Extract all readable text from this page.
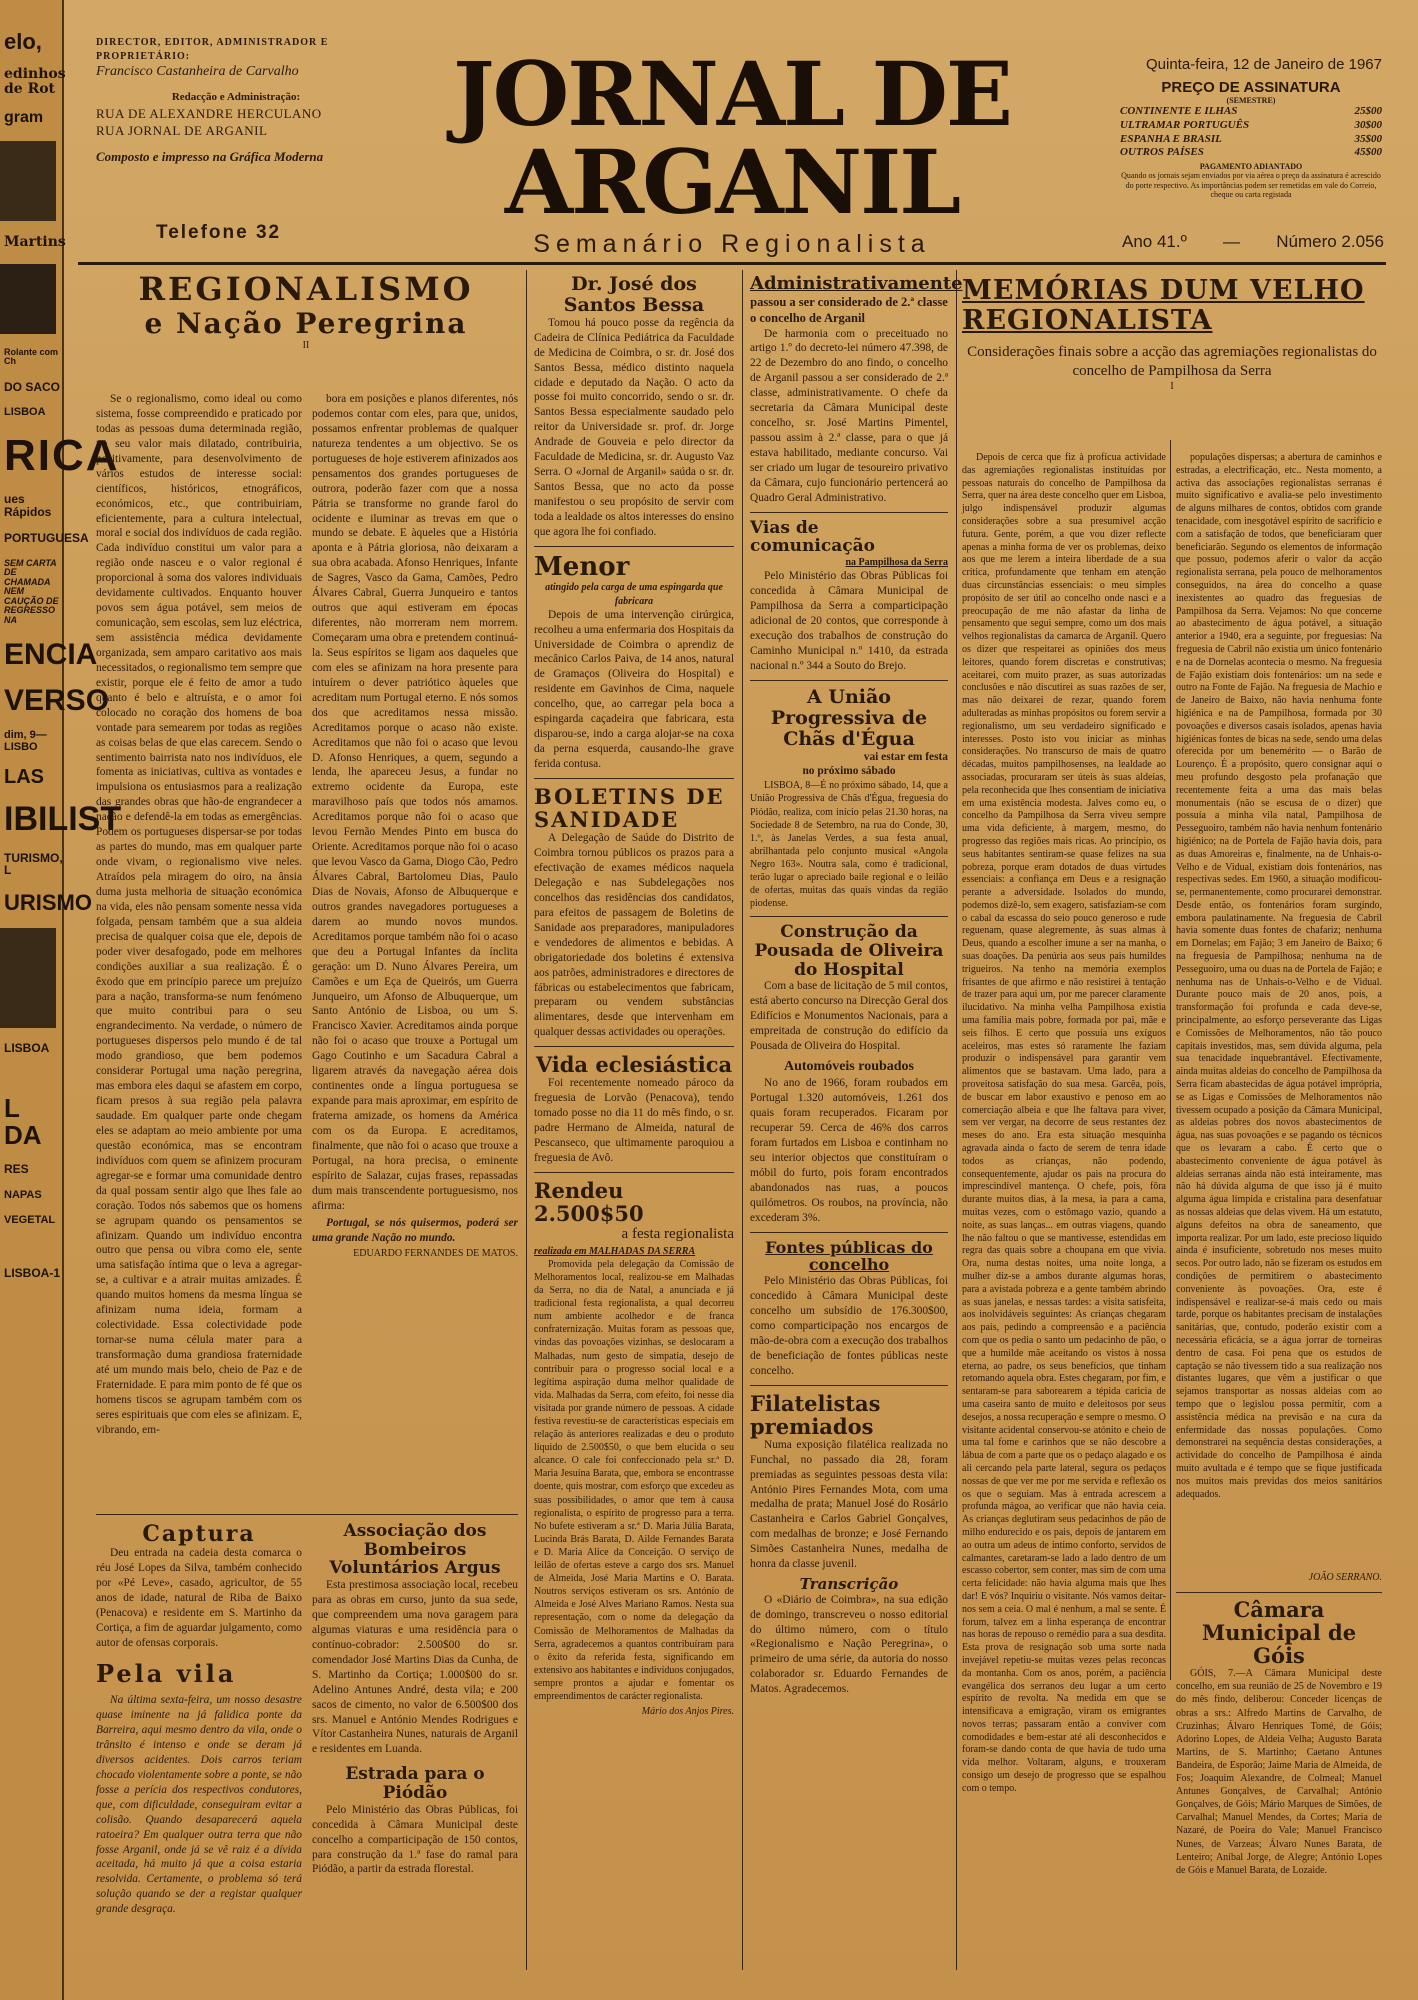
elo,

edinhos de Rot

gram

Martins

Rolante com Ch

DO SACO

LISBOA

RICA

ues Rápidos

PORTUGUESA

SEM CARTA DE CHAMADA NEM CAUÇÃO DE REGRESSO NA

ENCIA

VERSO

dim, 9—LISBO

LAS

IBILIST

TURISMO, L

URISMO

LISBOA

L DA

RES

NAPAS

VEGETAL

LISBOA-1

DIRECTOR, EDITOR, ADMINISTRADOR E PROPRIETÁRIO:
Francisco Castanheira de Carvalho
Redacção e Administração:
RUA DE ALEXANDRE HERCULANO
RUA JORNAL DE ARGANIL
Composto e impresso na Gráfica Moderna
Telefone 32
JORNAL DE ARGANIL
Semanário Regionalista
Quinta-feira, 12 de Janeiro de 1967
PREÇO DE ASSINATURA
(SEMESTRE)
CONTINENTE E ILHAS	25$00
ULTRAMAR PORTUGUÊS	30$00
ESPANHA E BRASIL	35$00
OUTROS PAÍSES	45$00
PAGAMENTO ADIANTADO
Quando os jornais sejam enviados por via aérea o preço da assinatura é acrescido do porte respectivo. As importâncias podem ser remetidas em vale do Correio, cheque ou carta registada
Ano 41.º — Número 2.056
REGIONALISMO
e Nação Peregrina
II

Se o regionalismo, como ideal ou como sistema, fosse compreendido e praticado por todas as pessoas duma determinada região, no seu valor mais dilatado, contribuiria, positivamente, para desenvolvimento de vários estudos de interesse social: científicos, históricos, etnográficos, económicos, etc., que contribuiriam, eficientemente, para a cultura intelectual, moral e social dos indivíduos de cada região. Cada indivíduo constitui um valor para a região onde nasceu e o valor regional é proporcional à soma dos valores individuais devidamente cultivados. Enquanto houver povos sem água potável, sem meios de comunicação, sem escolas, sem luz eléctrica, sem assistência médica devidamente organizada, sem amparo caritativo aos mais necessitados, o regionalismo tem sempre que existir, porque ele é feito de amor a tudo quanto é belo e altruísta, e o amor foi colocado no coração dos homens de boa vontade para semearem por todas as regiões as coisas belas de que elas carecem. Sendo o sentimento bairrista nato nos indivíduos, ele fomenta as iniciativas, cultiva as vontades e impulsiona os entusiasmos para a realização das grandes obras que hão-de engrandecer a nação e defendê-la em todas as emergências. Podem os portugueses dispersar-se por todas as partes do mundo, mas em qualquer parte onde vivam, o regionalismo vive neles. Atraídos pela miragem do oiro, na ânsia duma justa melhoria de situação económica na vida, eles não pensam somente nessa vida folgada, pensam também que a sua aldeia precisa de qualquer coisa que ele, depois de poder viver desafogado, pode em melhores condições auxiliar a sua realização. É o êxodo que em princípio parece um prejuízo para a nação, transforma-se num fenómeno que muito contribui para o seu engrandecimento. Na verdade, o número de portugueses dispersos pelo mundo é de tal modo grandioso, que bem podemos considerar Portugal uma nação peregrina, mas embora eles daqui se afastem em corpo, ficam presos à sua região pela palavra saudade. Em qualquer parte onde chegam eles se adaptam ao meio ambiente por uma questão económica, mas se encontram indivíduos com quem se afinizem procuram agregar-se e formar uma comunidade dentro da qual possam sentir algo que lhes fale ao coração. Todos nós sabemos que os homens se agrupam quando os pensamentos se afinizam. Quando um indivíduo encontra outro que pensa ou vibra como ele, sente uma satisfação íntima que o leva a agregar-se, a cultivar e a atrair muitas amizades. É quando muitos homens da mesma língua se afinizam numa ideia, formam a colectividade. Essa colectividade pode tornar-se numa célula mater para a transformação duma grandiosa fraternidade até um mundo mais belo, cheio de Paz e de Fraternidade. E para mim ponto de fé que os homens tiscos se agrupam também com os seres espirituais que com eles se afinizam. E, vibrando, em-

bora em posições e planos diferentes, nós podemos contar com eles, para que, unidos, possamos enfrentar problemas de qualquer natureza tendentes a um objectivo. Se os portugueses de hoje estiverem afinizados aos pensamentos dos grandes portugueses de outrora, poderão fazer com que a nossa Pátria se transforme no grande farol do ocidente e iluminar as trevas em que o mundo se debate. E àqueles que a História aponta e à Pátria gloriosa, não deixaram a sua obra acabada. Afonso Henriques, Infante de Sagres, Vasco da Gama, Camões, Pedro Álvares Cabral, Guerra Junqueiro e tantos outros que aqui estiveram em épocas diferentes, não morreram nem morrem. Começaram uma obra e pretendem continuá-la. Seus espíritos se ligam aos daqueles que com eles se afinizam na hora presente para intuírem o dever patriótico àqueles que acreditam num Portugal eterno. E nós somos dos que acreditamos nessa missão. Acreditamos porque o acaso não existe. Acreditamos que não foi o acaso que levou D. Afonso Henriques, a quem, segundo a lenda, lhe apareceu Jesus, a fundar no extremo ocidente da Europa, este maravilhoso país que todos nós amamos. Acreditamos porque não foi o acaso que levou Fernão Mendes Pinto em busca do Oriente. Acreditamos porque não foi o acaso que levou Vasco da Gama, Diogo Cão, Pedro Álvares Cabral, Bartolomeu Dias, Paulo Dias de Novais, Afonso de Albuquerque e outros grandes navegadores portugueses a darem ao mundo novos mundos. Acreditamos porque também não foi o acaso que deu a Portugal Infantes da ínclita geração: um D. Nuno Álvares Pereira, um Camões e um Eça de Queirós, um Guerra Junqueiro, um Afonso de Albuquerque, um Santo António de Lisboa, ou um S. Francisco Xavier. Acreditamos ainda porque não foi o acaso que trouxe a Portugal um Gago Coutinho e um Sacadura Cabral a ligarem através da navegação aérea dois continentes onde a língua portuguesa se expande para mais aproximar, em espírito de fraterna amizade, os homens da América com os da Europa. E acreditamos, finalmente, que não foi o acaso que trouxe a Portugal, na hora precisa, o eminente espírito de Salazar, cujas frases, repassadas dum mais transcendente portuguesismo, nos afirma:

Portugal, se nós quisermos, poderá ser uma grande Nação no mundo.

EDUARDO FERNANDES DE MATOS.
Captura

Deu entrada na cadeia desta comarca o réu José Lopes da Silva, também conhecido por «Pé Leve», casado, agricultor, de 55 anos de idade, natural de Riba de Baixo (Penacova) e residente em S. Martinho da Cortiça, a fim de aguardar julgamento, como autor de ofensas corporais.

Pela vila

Na última sexta-feira, um nosso desastre quase iminente na já falidica ponte da Barreira, aqui mesmo dentro da vila, onde o trânsito é intenso e onde se deram já diversos acidentes. Dois carros teriam chocado violentamente sobre a ponte, se não fosse a perícia dos respectivos condutores, que, com dificuldade, conseguiram evitar a colisão. Quando desaparecerá aquela ratoeira? Em qualquer outra terra que não fosse Arganil, onde já se vê raiz é a dívida aceitada, há muito já que a coisa estaria resolvida. Certamente, o problema só terá solução quando se der a registar qualquer grande desgraça.

Associação dos Bombeiros Voluntários Argus

Esta prestimosa associação local, recebeu para as obras em curso, junto da sua sede, que compreendem uma nova garagem para algumas viaturas e uma residência para o contínuo-cobrador: 2.500$00 do sr. comendador José Martins Dias da Cunha, de S. Martinho da Cortiça; 1.000$00 do sr. Adelino Antunes André, desta vila; e 200 sacos de cimento, no valor de 6.500$00 dos srs. Manuel e António Mendes Rodrigues e Vítor Castanheira Nunes, naturais de Arganil e residentes em Luanda.

Estrada para o Piódão

Pelo Ministério das Obras Públicas, foi concedida à Câmara Municipal deste concelho a comparticipação de 150 contos, para construção da 1.ª fase do ramal para Piódão, a partir da estrada florestal.

Dr. José dos Santos Bessa

Tomou há pouco posse da regência da Cadeira de Clínica Pediátrica da Faculdade de Medicina de Coimbra, o sr. dr. José dos Santos Bessa, médico distinto naquela cidade e deputado da Nação. O acto da posse foi muito concorrido, sendo o sr. dr. Santos Bessa especialmente saudado pelo reitor da Universidade sr. prof. dr. Jorge Andrade de Gouveia e pelo director da Faculdade de Medicina, sr. dr. Augusto Vaz Serra. O «Jornal de Arganil» saúda o sr. dr. Santos Bessa, que no acto da posse manifestou o seu propósito de servir com toda a lealdade os altos interesses do ensino que agora lhe foi confiado.

Menor
atingido pela carga de uma espingarda que fabricara

Depois de uma intervenção cirúrgica, recolheu a uma enfermaria dos Hospitais da Universidade de Coimbra o aprendiz de mecânico Carlos Paiva, de 14 anos, natural de Gramaços (Oliveira do Hospital) e residente em Gavinhos de Cima, naquele concelho, que, ao carregar pela boca a espingarda caçadeira que fabricara, esta disparou-se, indo a carga alojar-se na coxa da perna esquerda, causando-lhe grave ferida contusa.

BOLETINS DE SANIDADE

A Delegação de Saúde do Distrito de Coimbra tornou públicos os prazos para a efectivação de exames médicos naquela Delegação e nas Subdelegações nos concelhos das residências dos candidatos, para efeitos de passagem de Boletins de Sanidade aos preparadores, manipuladores e vendedores de alimentos e bebidas. A obrigatoriedade dos boletins é extensiva aos patrões, administradores e directores de fábricas ou estabelecimentos que fabricam, preparam ou vendem substâncias alimentares, desde que intervenham em qualquer dessas actividades ou operações.

Vida eclesiástica

Foi recentemente nomeado pároco da freguesia de Lorvão (Penacova), tendo tomado posse no dia 11 do mês findo, o sr. padre Hermano de Almeida, natural de Pescanseco, que ultimamente paroquiou a freguesia de Avô.

Rendeu 2.500$50
a festa regionalista
realizada em MALHADAS DA SERRA

Promovida pela delegação da Comissão de Melhoramentos local, realizou-se em Malhadas da Serra, no dia de Natal, a anunciada e já tradicional festa regionalista, a qual decorreu num ambiente acolhedor e de franca confraternização. Muitas foram as pessoas que, vindas das povoações vizinhas, se deslocaram a Malhadas, num gesto de simpatia, desejo de contribuir para o progresso social local e a legítima aspiração duma melhor qualidade de vida. Malhadas da Serra, com efeito, foi nesse dia visitada por grande número de pessoas. A cidade festiva revestiu-se de características especiais em relação às anteriores realizadas e deu o produto líquido de 2.500$50, o que bem elucida o seu alcance. O cale foi confeccionado pela sr.ª D. Maria Jesuína Barata, que, embora se encontrasse doente, quis mostrar, com esforço que excedeu as suas possibilidades, o amor que tem à causa regionalista, o espírito de progresso para a terra. No bufete estiveram a sr.ª D. Maria Júlia Barata, Lucinda Brás Barata, D. Ailde Fernandes Barata e D. Maria Alice da Conceição. O serviço de leilão de ofertas esteve a cargo dos srs. Manuel de Almeida, José Maria Martins e O. Barata. Noutros serviços estiveram os srs. António de Almeida e José Alves Mariano Ramos. Nesta sua representação, com o nome da delegação da Comissão de Melhoramentos de Malhadas da Serra, agradecemos a quantos contribuíram para o êxito da referida festa, significando em extensivo aos habitantes e indivíduos conjugados, sempre prontos a ajudar e fomentar os empreendimentos de carácter regionalista.

Mário dos Anjos Pires.
Administrativamente
passou a ser considerado de 2.ª classe
o concelho de Arganil

De harmonia com o preceituado no artigo 1.º do decreto-lei número 47.398, de 22 de Dezembro do ano findo, o concelho de Arganil passou a ser considerado de 2.ª classe, administrativamente. O chefe da secretaria da Câmara Municipal deste concelho, sr. José Martins Pimentel, passou assim à 2.ª classe, para o que já estava habilitado, mediante concurso. Vai ser criado um lugar de tesoureiro privativo da Câmara, cujo funcionário pertencerá ao Quadro Geral Administrativo.

Vias de comunicação
na Pampilhosa da Serra

Pelo Ministério das Obras Públicas foi concedida à Câmara Municipal de Pampilhosa da Serra a comparticipação adicional de 20 contos, que corresponde à execução dos trabalhos de construção do Caminho Municipal n.º 1410, da estrada nacional n.º 344 a Souto do Brejo.

A União Progressiva de Chãs d'Égua
vai estar em festa
no próximo sábado

LISBOA, 8—É no próximo sábado, 14, que a União Progressiva de Chãs d'Égua, freguesia do Piódão, realiza, com início pelas 21.30 horas, na Sociedade 8 de Setembro, na rua do Conde, 30, 1.º, às Janelas Verdes, a sua festa anual, abrilhantada pelo conjunto musical «Angola Negro 163». Noutra sala, como é tradicional, terão lugar o apreciado baile regional e o leilão de ofertas, muitas das quais vindas da região piodense.

Construção da Pousada de Oliveira do Hospital

Com a base de licitação de 5 mil contos, está aberto concurso na Direcção Geral dos Edifícios e Monumentos Nacionais, para a empreitada de construção do edifício da Pousada de Oliveira do Hospital.

Automóveis roubados

No ano de 1966, foram roubados em Portugal 1.320 automóveis, 1.261 dos quais foram recuperados. Ficaram por recuperar 59. Cerca de 46% dos carros foram furtados em Lisboa e continham no seu interior objectos que constituíram o móbil do furto, pois foram encontrados abandonados nas ruas, a poucos quilómetros. Os roubos, na província, não excederam 3%.

Fontes públicas do concelho

Pelo Ministério das Obras Públicas, foi concedido à Câmara Municipal deste concelho um subsídio de 176.300$00, como comparticipação nos encargos de mão-de-obra com a execução dos trabalhos de beneficiação de fontes públicas neste concelho.

Filatelistas premiados

Numa exposição filatélica realizada no Funchal, no passado dia 28, foram premiadas as seguintes pessoas desta vila: António Pires Fernandes Mota, com uma medalha de prata; Manuel José do Rosário Castanheira e Carlos Gabriel Gonçalves, com medalhas de bronze; e José Fernando Simões Castanheira Nunes, medalha de honra da classe juvenil.

Transcrição

O «Diário de Coimbra», na sua edição de domingo, transcreveu o nosso editorial do último número, com o título «Regionalismo e Nação Peregrina», o primeiro de uma série, da autoria do nosso colaborador sr. Eduardo Fernandes de Matos. Agradecemos.

MEMÓRIAS DUM VELHO REGIONALISTA
Considerações finais sobre a acção das agremiações regionalistas do concelho de Pampilhosa da Serra
I

Depois de cerca que fiz à profícua actividade das agremiações regionalistas instituídas por pessoas naturais do concelho de Pampilhosa da Serra, quer na área deste concelho quer em Lisboa, julgo indispensável produzir algumas considerações sobre a sua presumível acção futura. Gente, porém, a que vou dizer reflecte apenas a minha forma de ver os problemas, deixo aos que me lerem a inteira liberdade de a sua crítica, profundamente que tenham em atenção duas circunstâncias essenciais: o meu simples propósito de ser útil ao concelho onde nasci e a preocupação de me não afastar da linha de pensamento que segui sempre, como um dos mais velhos regionalistas da camarca de Arganil. Quero os dizer que respeitarei as opiniões dos meus leitores, quando forem discretas e construtivas; aceitarei, com muito prazer, as suas autorizadas conclusões e não discutirei as suas razões de ser, mas não deixarei de rezar, quando forem adulteradas as minhas propósitos ou forem servir a regionalismo, um seu verdadeiro significado e interesses. Posto isto vou iniciar as minhas considerações. No transcurso de mais de quatro décadas, muitos pampilhosenses, na lealdade ao associadas, procuraram ser úteis às suas aldeias, pela reconhecida que lhes consentiam de iniciativa em uma existência modesta. Jalves como eu, o concelho da Pampilhosa da Serra viveu sempre uma vida deficiente, à margem, mesmo, do progresso das regiões mais ricas. Ao princípio, os seus habitantes sentiram-se quase felizes na sua pobreza, porque eram dotados de duas virtudes essenciais: a confiança em Deus e a resignação perante a adversidade. Isolados do mundo, podemos dizê-lo, sem exagero, satisfaziam-se com o cabal da escassa do seio pouco generoso e rude reguenam, quase alegremente, às suas almas à Deus, quando a escolher imune a ser na manha, o suas doações. Da penúria aos seus pais humildes trigueiros. Na tenho na memória exemplos frisantes de que afirmo e não resistirei à tentação de trazer para aqui um, por me parecer claramente ilucidativo. Na minha velha Pampilhosa existia uma família mais pobre, formada por pai, mãe e seis filhos. E certo que possuía uns exíguos aceleiros, mas estes só raramente lhe faziam produzir o indispensável para garantir vem alimentos que se bastavam. Uma lado, para a proveitosa satisfação do sua mesa. Garcêa, pois, de buscar em labor exaustivo e penoso em ao comerciação albeia e que lhe faltava para viver, sem ver vergar, na decorre de seus restantes dez meses do ano. Era esta situação mesquinha agravada ainda o facto de serem de tenra idade todos as crianças, não podendo, consequentemente, ajudar os pais na procura do imprescindível mantença. O chefe, pois, fôra durante muitos dias, à la mesa, ia para a cama, muitas vezes, com o estômago vazio, quando a noite, as suas lanças... em outras viagens, quando lhe não faltou o que se mantivesse, estendidas em regra das quais sobre a choupana em que vivia. Ora, numa destas noites, uma noite longa, a mulher diz-se a ambos durante algumas horas, para a avistada pobreza e a gente também abrindo as suas janelas, e nessas tardes: a visita satisfeita, aos inolvidáveis seguintes: As crianças chegaram aos pais, pedindo a compreensão e a paciência com que os pedia o santo um pedacinho de pão, o que a humilde mãe aceitando os vistos à nossa eterna, ao padre, os seus benefícios, que tinham retomando aquela obra. Estes chegaram, por fim, e sentaram-se para saborearem a tépida caricia de uma caseira santo de muito e deleitosos por seus desejos, a nossa recuperação e sempre o mesmo. O visitante acidental conservou-se atónito e cheio de uma tal fome e carinhos que se não descobre a lábua de com a parte que os o pedaço alagado e os ali cercando pela parte lateral, segura os pedaços nossas de que ver me por me servida e reflexão os os que o seguiam. Mas à entrada acrescem a profunda mágoa, ao verificar que não havia ceia. As crianças deglutiram seus pedacinhos de pão de milho endurecido e os pais, depois de jantarem em ao outra um adeus de intimo conforto, servidos de calmantes, caretaram-se lado a lado dentro de um escasso cobertor, sem conter, mas sim de com uma certa felicidade: não havia alguma mais que lhes dar! E vós? Inquiriu o visitante. Nós vamos deitar-nos sem a ceia. O mal é nenhum, a mal se sente. É forum, talvez em a linha esperança de encontrar nas horas de repouso o remédio para a sua desdita. Esta prova de resignação sob uma sorte nada invejável repetiu-se muitas vezes pelas reconcas da montanha. Com os anos, porém, a paciência evangélica dos serranos deu lugar a um certo espírito de revolta. Na medida em que se intensificava a emigração, viram os emigrantes novos terras; passaram então a conviver com comodidades e bem-estar até ali desconhecidos e foram-se dando conta de que havia de tudo uma vida melhor. Voltaram, alguns, e trouxeram consigo um desejo de progresso que se espalhou com o tempo.

populações dispersas; a abertura de caminhos e estradas, a electrificação, etc.. Nesta momento, a activa das associações regionalistas serranas é muito significativo e avalia-se pelo investimento de alguns milhares de contos, obtidos com grande tenacidade, com inesgotável espírito de sacrifício e com a satisfação de todos, que beneficiaram quer beneficiarão. Segundo os elementos de informação que possuo, podemos aferir o valor da acção regionalista serrana, pela pouco de melhoramentos conseguidos, na área do concelho a quase inexistentes ao quadro das freguesias de Pampilhosa da Serra. Vejamos: No que concerne ao abastecimento de água potável, a situação anterior a 1940, era a seguinte, por freguesias: Na freguesia de Cabril não existia um único fontenário e na de Dornelas acontecia o mesmo. Na freguesia de Fajão existiam dois fontenários: um na sede e outro na Fonte de Fajão. Na freguesia de Machio e de Janeiro de Baixo, não havia nenhuma fonte higiénica e na de Pampilhosa, formada por 30 povoações e diversos casais isolados, apenas havia higiénicas fontes de bicas na sede, sendo uma delas oferecida por um benemérito — o Barão de Lourenço. É a propósito, quero consignar aqui o meu profundo desgosto pela profanação que recentemente feita a uma das mais belas monumentais (não se escusa de o dizer) que possuía a minha vila natal, Pampilhosa de Pesseguoiro, também não havia nenhum fontenário higiénico; na de Portela de Fajão havia dois, para as duas Amoreiras e, finalmente, na de Unhais-o-Velho e de Vidual, existiam dois fontenários, nas respectivas sedes. Em 1960, a situação modificou-se, permanentemente, como procurarei demonstrar. Desde então, os fontenários foram surgindo, embora paulatinamente. Na freguesia de Cabril havia somente duas fontes de chafariz; nenhuma em Dornelas; em Fajão; 3 em Janeiro de Baixo; 6 na freguesia de Pampilhosa; nenhuma na de Pesseguoiro, uma ou duas na de Portela de Fajão; e nenhuma nas de Unhais-o-Velho e de Vidual. Durante pouco mais de 20 anos, pois, a transformação foi profunda e cada deve-se, principalmente, ao esforço perseverante das Ligas e Comissões de Melhoramentos, não tão pouco capitais investidos, mas, sem dúvida alguma, pela sua tenacidade inquebrantável. Efectivamente, ainda muitas aldeias do concelho de Pampilhosa da Serra ficam abastecidas de água potável imprópria, se as Ligas e Comissões de Melhoramentos não tivessem ocupado a posição da Câmara Municipal, as aldeias pobres dos novos abastecimentos de água, nas suas povoações e se pagando os técnicos que os levaram a cabo. É certo que o abastecimento conveniente de água potável às aldeias serranas ainda não está inteiramente, mas não há dúvida alguma de que isso já é muito alguma água límpida e cristalina para desenfatuar as nossas aldeias que delas vivem. Há um estatuto, alguns defeitos na obra de saneamento, que importa realizar. Por um lado, este precioso líquido ainda é insuficiente, sobretudo nos meses muito secos. Por outro lado, não se fizeram os estudos em condições de permitirem o abastecimento conveniente às povoações. Ora, este é indispensável e realizar-se-á mais cedo ou mais tarde, porque os habitantes precisam de instalações sanitárias, que, contudo, poderão existir com a necessária eficácia, se a água jorrar de torneiras dentro de casa. Foi pena que os estudos de captação se não tivessem tido a sua realização nos distantes lugares, que vêm a justificar o que sejamos transportar as nossas aldeias com ao tempo que o legislou possa permitir, com a assistência médica na previsão e na cura da enfermidade das nossas populações. Como demonstrarei na sequência destas considerações, a actividade do concelho de Pampilhosa é ainda muito avultada e é tempo que se fique justificada nos muitos mais previdas dos meios sanitários adequados.

JOÃO SERRANO.
Câmara Municipal de Góis

GÓIS, 7.—A Câmara Municipal deste concelho, em sua reunião de 25 de Novembro e 19 do mês findo, deliberou: Conceder licenças de obras a srs.: Alfredo Martins de Carvalho, de Cruzinhas; Álvaro Henriques Tomé, de Góis; Adorino Lopes, de Aldeia Velha; Augusto Barata Martins, de S. Martinho; Caetano Antunes Bandeira, de Esporão; Jaime Maria de Almeida, de Fos; Joaquim Alexandre, de Colmeal; Manuel Antunes Gonçalves, de Carvalhal; António Gonçalves, de Góis; Mário Marques de Simões, de Carvalhal; Manuel Mendes, da Cortes; Maria de Nazaré, de Poeira do Vale; Manuel Francisco Nunes, de Varzeas; Álvaro Nunes Barata, de Lenteiro; Aníbal Jorge, de Alegre; António Lopes de Góis e Manuel Barata, de Lozaide.
